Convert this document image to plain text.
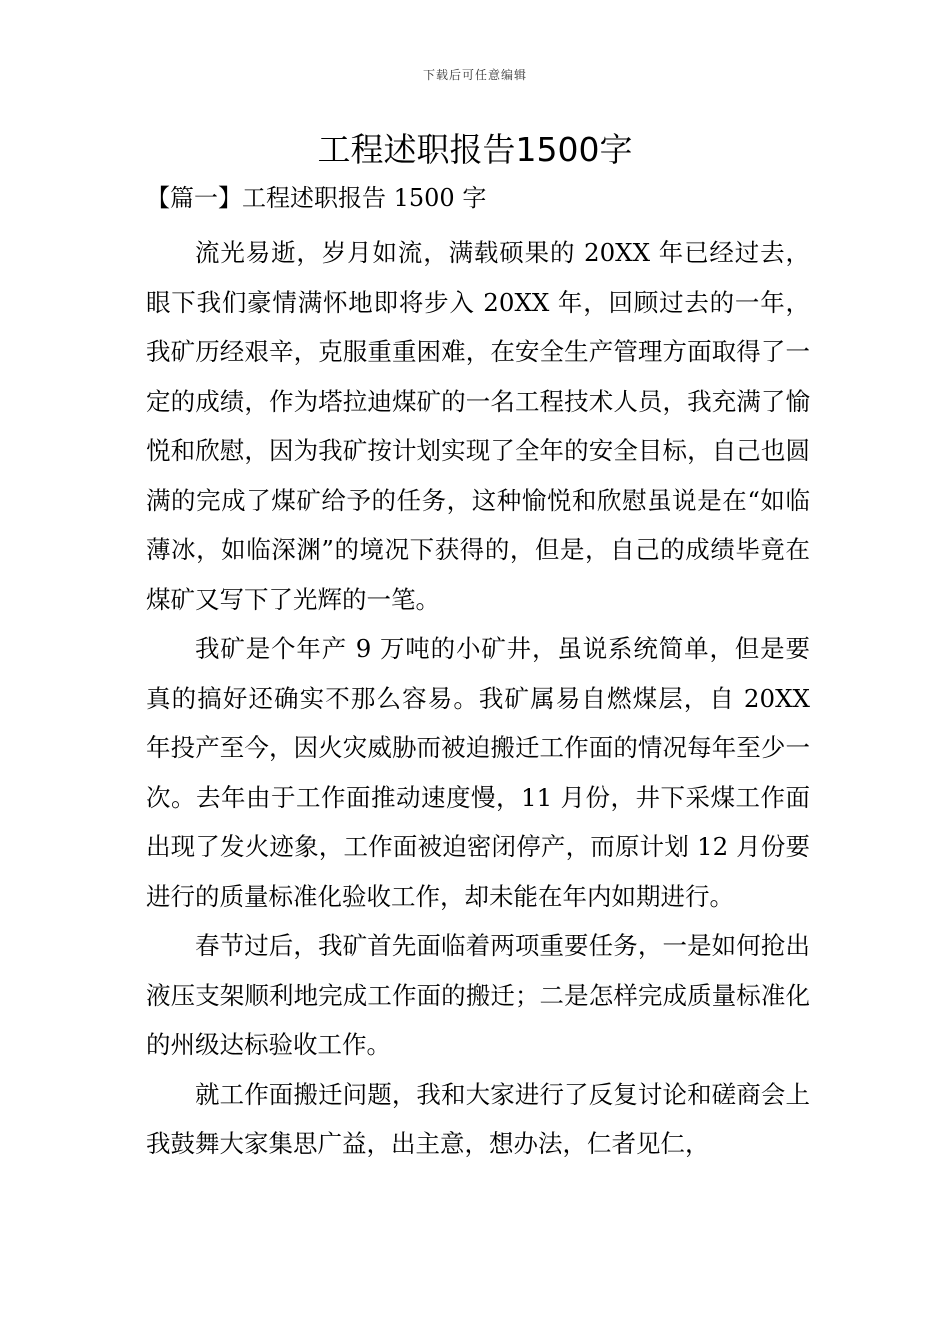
下载后可任意编辑
工程述职报告1500字
【篇一】工程述职报告 1500 字

流光易逝，岁月如流，满载硕果的 20XX 年已经过去，眼下我们豪情满怀地即将步入 20XX 年，回顾过去的一年，我矿历经艰辛，克服重重困难，在安全生产管理方面取得了一定的成绩，作为塔拉迪煤矿的一名工程技术人员，我充满了愉悦和欣慰，因为我矿按计划实现了全年的安全目标，自己也圆满的完成了煤矿给予的任务，这种愉悦和欣慰虽说是在“如临薄冰，如临深渊”的境况下获得的，但是，自己的成绩毕竟在煤矿又写下了光辉的一笔。

我矿是个年产 9 万吨的小矿井，虽说系统简单，但是要真的搞好还确实不那么容易。我矿属易自燃煤层，自 20XX 年投产至今，因火灾威胁而被迫搬迁工作面的情况每年至少一次。去年由于工作面推动速度慢，11 月份，井下采煤工作面出现了发火迹象，工作面被迫密闭停产，而原计划 12 月份要进行的质量标准化验收工作，却未能在年内如期进行。

春节过后，我矿首先面临着两项重要任务，一是如何抢出液压支架顺利地完成工作面的搬迁；二是怎样完成质量标准化的州级达标验收工作。

就工作面搬迁问题，我和大家进行了反复讨论和磋商会上我鼓舞大家集思广益，出主意，想办法，仁者见仁，
